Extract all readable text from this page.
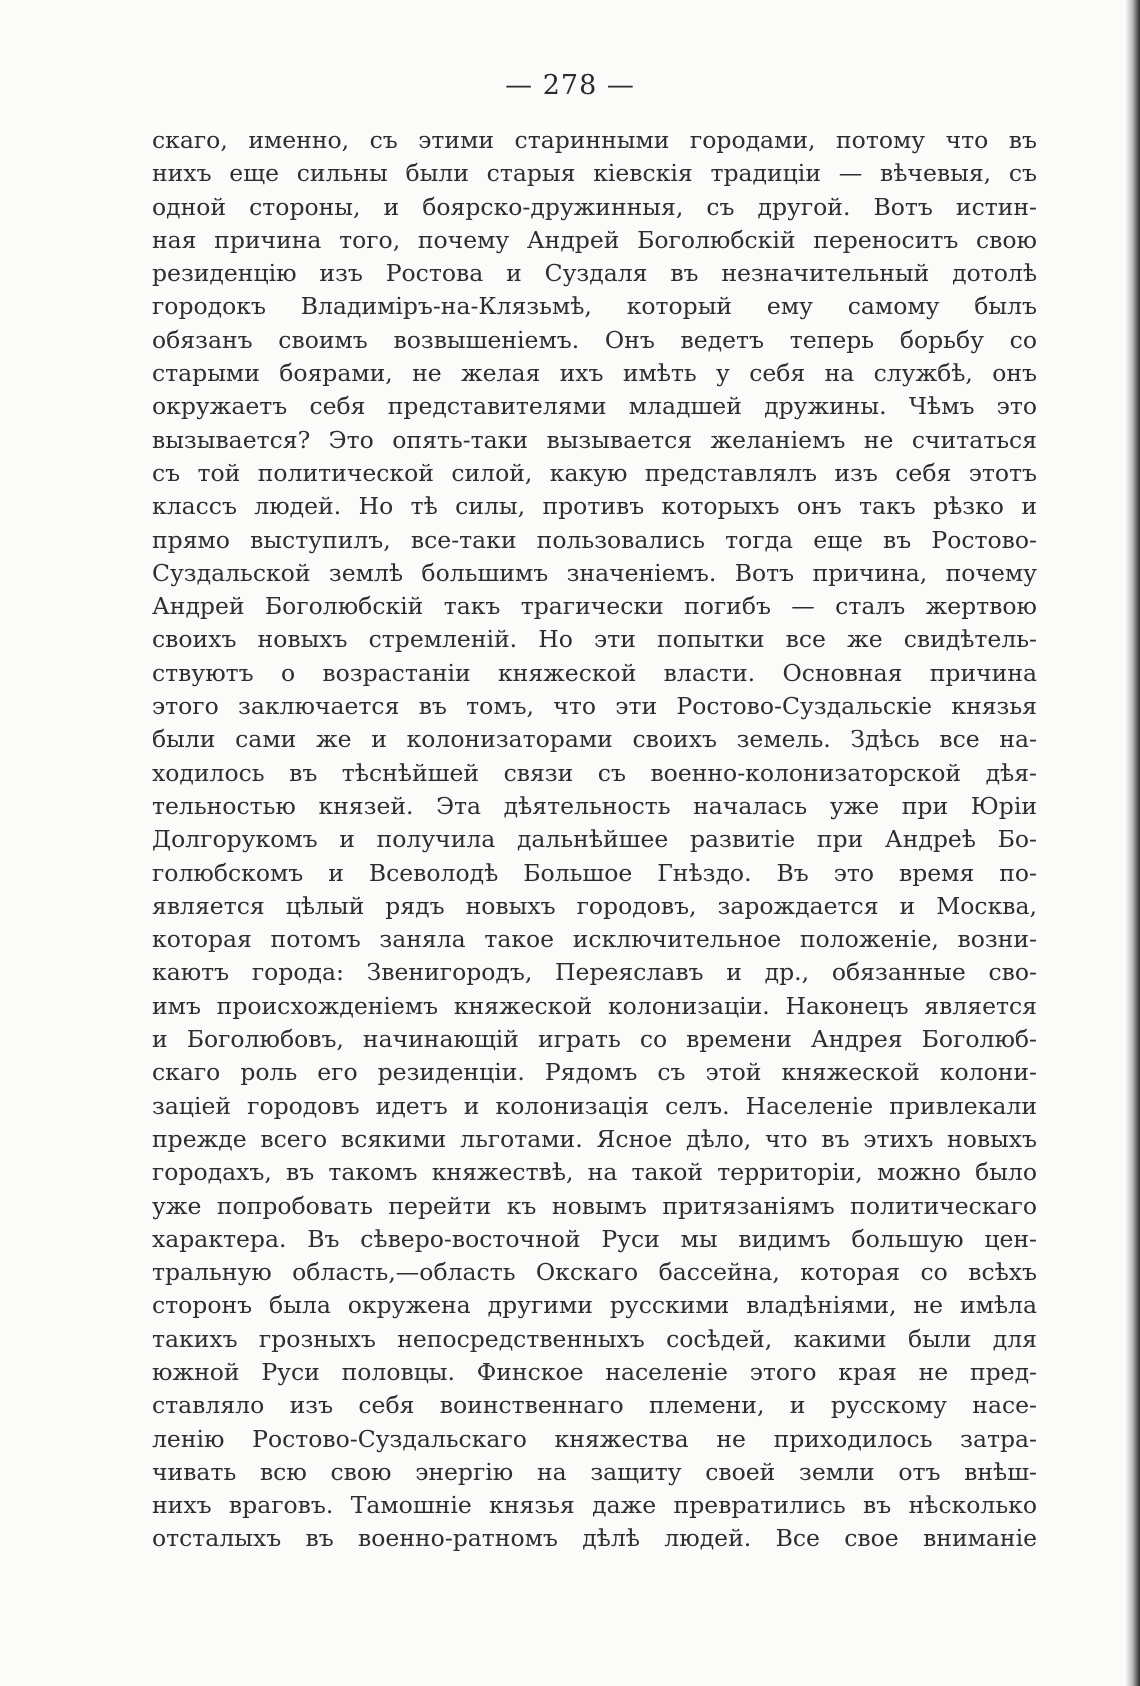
— 278 —

скаго, именно, съ этими старинными городами, потому что въ
нихъ еще сильны были старыя кіевскія традиціи — вѣчевыя, съ
одной стороны, и боярско-дружинныя, съ другой. Вотъ истин-
ная причина того, почему Андрей Боголюбскій переноситъ свою
резиденцію изъ Ростова и Суздаля въ незначительный дотолѣ
городокъ Владиміръ-на-Клязьмѣ, который ему самому былъ
обязанъ своимъ возвышеніемъ. Онъ ведетъ теперь борьбу со
старыми боярами, не желая ихъ имѣть у себя на службѣ, онъ
окружаетъ себя представителями младшей дружины. Чѣмъ это
вызывается? Это опять-таки вызывается желаніемъ не считаться
съ той политической силой, какую представлялъ изъ себя этотъ
классъ людей. Но тѣ силы, противъ которыхъ онъ такъ рѣзко и
прямо выступилъ, все-таки пользовались тогда еще въ Ростово-
Суздальской землѣ большимъ значеніемъ. Вотъ причина, почему
Андрей Боголюбскій такъ трагически погибъ — сталъ жертвою
своихъ новыхъ стремленій. Но эти попытки все же свидѣтель-
ствуютъ о возрастаніи княжеской власти. Основная причина
этого заключается въ томъ, что эти Ростово-Суздальскіе князья
были сами же и колонизаторами своихъ земель. Здѣсь все на-
ходилось въ тѣснѣйшей связи съ военно-колонизаторской дѣя-
тельностью князей. Эта дѣятельность началась уже при Юріи
Долгорукомъ и получила дальнѣйшее развитіе при Андреѣ Бо-
голюбскомъ и Всеволодѣ Большое Гнѣздо. Въ это время по-
является цѣлый рядъ новыхъ городовъ, зарождается и Москва,
которая потомъ заняла такое исключительное положеніе, возни-
каютъ города: Звенигородъ, Переяславъ и др., обязанные сво-
имъ происхожденіемъ княжеской колонизаціи. Наконецъ является
и Боголюбовъ, начинающій играть со времени Андрея Боголюб-
скаго роль его резиденціи. Рядомъ съ этой княжеской колони-
заціей городовъ идетъ и колонизація селъ. Населеніе привлекали
прежде всего всякими льготами. Ясное дѣло, что въ этихъ новыхъ
городахъ, въ такомъ княжествѣ, на такой территоріи, можно было
уже попробовать перейти къ новымъ притязаніямъ политическаго
характера. Въ сѣверо-восточной Руси мы видимъ большую цен-
тральную область,—область Окскаго бассейна, которая со всѣхъ
сторонъ была окружена другими русскими владѣніями, не имѣла
такихъ грозныхъ непосредственныхъ сосѣдей, какими были для
южной Руси половцы. Финское населеніе этого края не пред-
ставляло изъ себя воинственнаго племени, и русскому насе-
ленію Ростово-Суздальскаго княжества не приходилось затра-
чивать всю свою энергію на защиту своей земли отъ внѣш-
нихъ враговъ. Тамошніе князья даже превратились въ нѣсколько
отсталыхъ въ военно-ратномъ дѣлѣ людей. Все свое вниманіе
